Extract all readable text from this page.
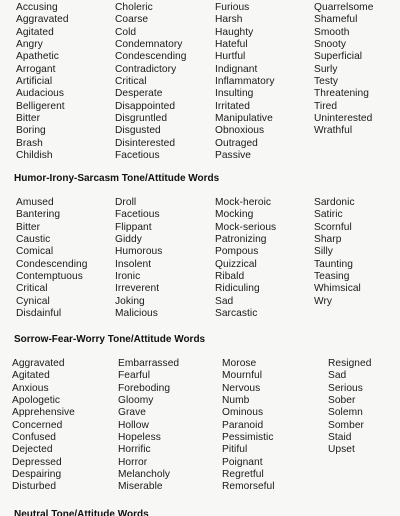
Accusing
Aggravated
Agitated
Angry
Apathetic
Arrogant
Artificial
Audacious
Belligerent
Bitter
Boring
Brash
Childish
Choleric
Coarse
Cold
Condemnatory
Condescending
Contradictory
Critical
Desperate
Disappointed
Disgruntled
Disgusted
Disinterested
Facetious
Furious
Harsh
Haughty
Hateful
Hurtful
Indignant
Inflammatory
Insulting
Irritated
Manipulative
Obnoxious
Outraged
Passive
Quarrelsome
Shameful
Smooth
Snooty
Superficial
Surly
Testy
Threatening
Tired
Uninterested
Wrathful
Humor-Irony-Sarcasm Tone/Attitude Words
Amused
Bantering
Bitter
Caustic
Comical
Condescending
Contemptuous
Critical
Cynical
Disdainful
Droll
Facetious
Flippant
Giddy
Humorous
Insolent
Ironic
Irreverent
Joking
Malicious
Mock-heroic
Mocking
Mock-serious
Patronizing
Pompous
Quizzical
Ribald
Ridiculing
Sad
Sarcastic
Sardonic
Satiric
Scornful
Sharp
Silly
Taunting
Teasing
Whimsical
Wry
Sorrow-Fear-Worry Tone/Attitude Words
Aggravated
Agitated
Anxious
Apologetic
Apprehensive
Concerned
Confused
Dejected
Depressed
Despairing
Disturbed
Embarrassed
Fearful
Foreboding
Gloomy
Grave
Hollow
Hopeless
Horrific
Horror
Melancholy
Miserable
Morose
Mournful
Nervous
Numb
Ominous
Paranoid
Pessimistic
Pitiful
Poignant
Regretful
Remorseful
Resigned
Sad
Serious
Sober
Solemn
Somber
Staid
Upset
Neutral Tone/Attitude Words
